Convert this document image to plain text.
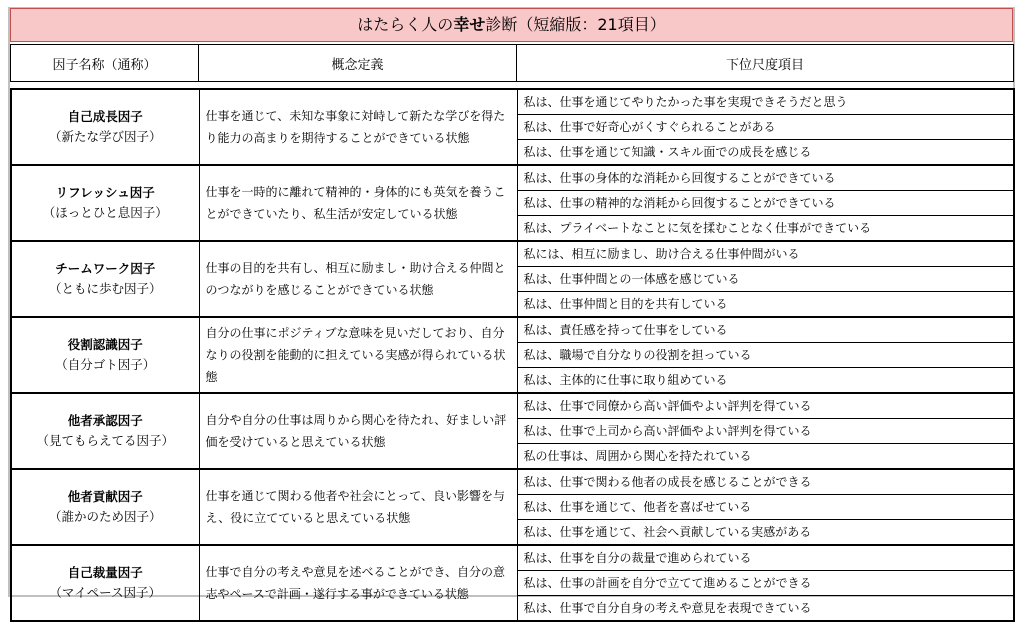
はたらく人の幸せ診断（短縮版：21項目）
因子名称（通称）	概念定義	下位尺度項目
自己成長因子
（新たな学び因子）	仕事を通じて、未知な事象に対峙して新たな学びを得たり能力の高まりを期待することができている状態	私は、仕事を通じてやりたかった事を実現できそうだと思う
		私は、仕事で好奇心がくすぐられることがある
		私は、仕事を通じて知識・スキル面での成長を感じる

リフレッシュ因子
（ほっとひと息因子）	仕事を一時的に離れて精神的・身体的にも英気を養うことができていたり、私生活が安定している状態	私は、仕事の身体的な消耗から回復することができている
		私は、仕事の精神的な消耗から回復することができている
		私は、プライベートなことに気を揉むことなく仕事ができている

チームワーク因子
（ともに歩む因子）	仕事の目的を共有し、相互に励まし・助け合える仲間とのつながりを感じることができている状態	私には、相互に励まし、助け合える仕事仲間がいる
		私は、仕事仲間との一体感を感じている
		私は、仕事仲間と目的を共有している

役割認識因子
（自分ゴト因子）	自分の仕事にポジティブな意味を見いだしており、自分なりの役割を能動的に担えている実感が得られている状態	私は、責任感を持って仕事をしている
		私は、職場で自分なりの役割を担っている
		私は、主体的に仕事に取り組めている

他者承認因子
（見てもらえてる因子）	自分や自分の仕事は周りから関心を待たれ、好ましい評価を受けていると思えている状態	私は、仕事で同僚から高い評価やよい評判を得ている
		私は、仕事で上司から高い評価やよい評判を得ている
		私の仕事は、周囲から関心を持たれている

他者貢献因子
（誰かのため因子）	仕事を通じて関わる他者や社会にとって、良い影響を与え、役に立てていると思えている状態	私は、仕事で関わる他者の成長を感じることができる
		私は、仕事を通じて、他者を喜ばせている
		私は、仕事を通じて、社会へ貢献している実感がある

自己裁量因子
（マイペース因子）	仕事で自分の考えや意見を述べることができ、自分の意志やペースで計画・遂行する事ができている状態	私は、仕事を自分の裁量で進められている
		私は、仕事の計画を自分で立てて進めることができる
		私は、仕事で自分自身の考えや意見を表現できている
